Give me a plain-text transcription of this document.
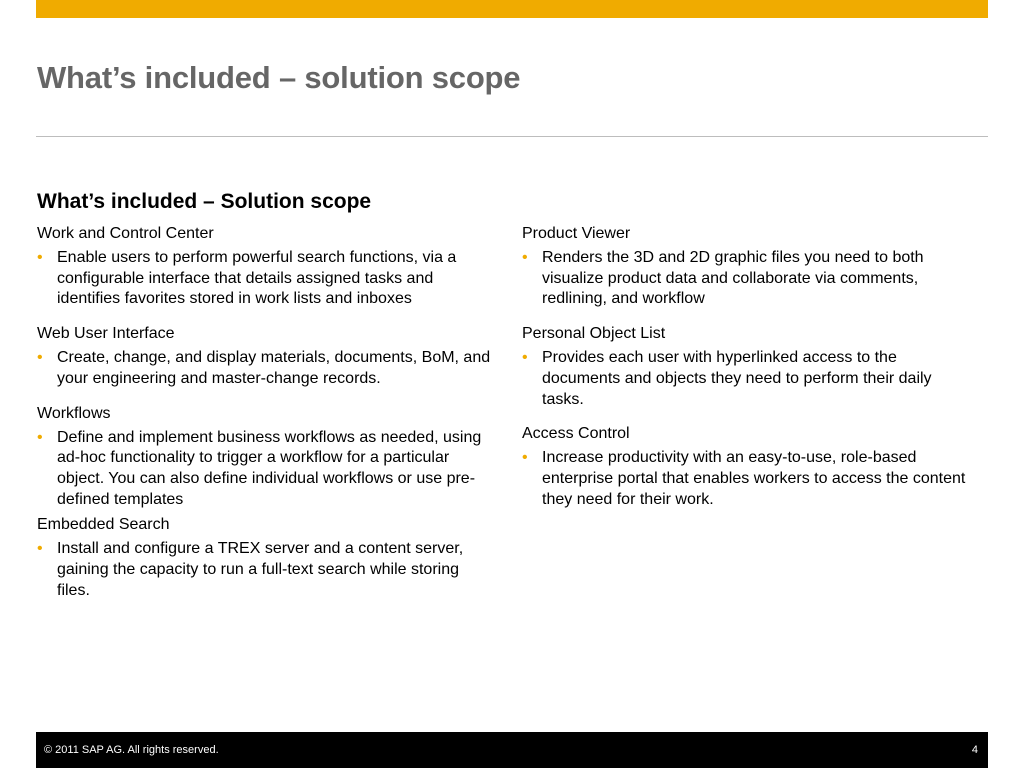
What’s included – solution scope
What’s included – Solution scope
Work and Control Center
• Enable users to perform powerful search functions, via a configurable interface that details assigned tasks and identifies favorites stored in work lists and inboxes
Web User Interface
• Create, change, and display materials, documents, BoM, and your engineering and master-change records.
Workflows
• Define and implement business workflows as needed, using ad-hoc functionality to trigger a workflow for a particular object. You can also define individual workflows or use pre-defined templates
Embedded Search
• Install and configure a TREX server and a content server, gaining the capacity to run a full-text search while storing files.
Product Viewer
• Renders the 3D and 2D graphic files you need to both visualize product data and collaborate via comments, redlining, and workflow
Personal Object List
• Provides each user with hyperlinked access to the documents and objects they need to perform their daily tasks.
Access Control
• Increase productivity with an easy-to-use, role-based enterprise portal that enables workers to access the content they need for their work.
© 2011 SAP AG. All rights reserved.	4
